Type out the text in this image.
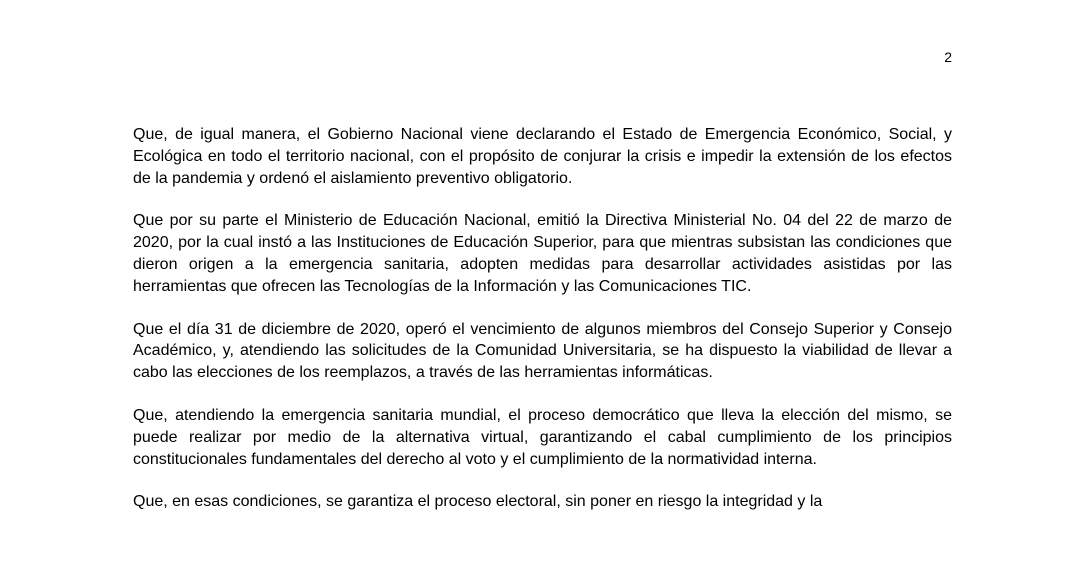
2

Que, de igual manera, el Gobierno Nacional viene declarando el Estado de Emergencia Económico, Social, y Ecológica en todo el territorio nacional, con el propósito de conjurar la crisis e impedir la extensión de los efectos de la pandemia y ordenó el aislamiento preventivo obligatorio.

Que por su parte el Ministerio de Educación Nacional, emitió la Directiva Ministerial No. 04 del 22 de marzo de 2020, por la cual instó a las Instituciones de Educación Superior, para que mientras subsistan las condiciones que dieron origen a la emergencia sanitaria, adopten medidas para desarrollar actividades asistidas por las herramientas que ofrecen las Tecnologías de la Información y las Comunicaciones TIC.

Que el día 31 de diciembre de 2020, operó el vencimiento de algunos miembros del Consejo Superior y Consejo Académico, y, atendiendo las solicitudes de la Comunidad Universitaria, se ha dispuesto la viabilidad de llevar a cabo las elecciones de los reemplazos, a través de las herramientas informáticas.

Que, atendiendo la emergencia sanitaria mundial, el proceso democrático que lleva la elección del mismo, se puede realizar por medio de la alternativa virtual, garantizando el cabal cumplimiento de los principios constitucionales fundamentales del derecho al voto y el cumplimiento de la normatividad interna.

Que, en esas condiciones, se garantiza el proceso electoral, sin poner en riesgo la integridad y la
